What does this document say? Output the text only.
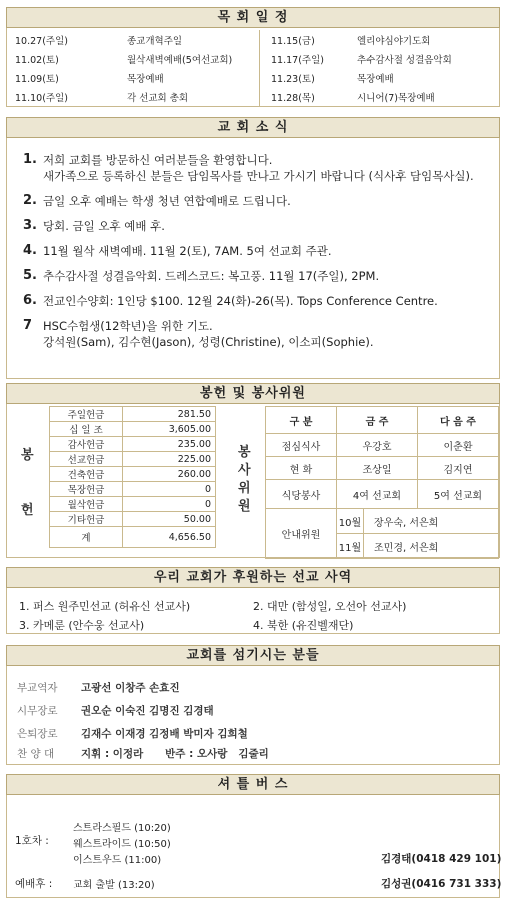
목 회 일 정
10.27(주일)	종교개혁주일	11.15(금)	엘리야심야기도회
11.02(토)	월삭새벽예배(5여선교회)	11.17(주일)	추수감사절 성결음악회
11.09(토)	목장예배	11.23(토)	목장예배
11.10(주일)	각 선교회 총회	11.28(목)	시니어(7)목장예배
교 회 소 식
1. 저희 교회를 방문하신 여러분들을 환영합니다.
새가족으로 등록하신 분들은 담임목사를 만나고 가시기 바랍니다 (식사후 담임목사실).
2. 금일 오후 예배는 학생 청년 연합예배로 드립니다.
3. 당회. 금일 오후 예배 후.
4. 11월 월삭 새벽예배. 11월 2(토), 7AM. 5여 선교회 주관.
5. 추수감사절 성결음악회. 드레스코드: 복고풍. 11월 17(주일), 2PM.
6. 전교인수양회: 1인당 $100. 12월 24(화)-26(목). Tops Conference Centre.
7 HSC수험생(12학년)을 위한 기도.
강석원(Sam), 김수현(Jason), 성령(Christine), 이소피(Sophie).
봉헌 및 봉사위원
봉
헌
주일헌금	281.50
십 일 조	3,605.00
감사헌금	235.00
선교헌금	225.00
건축헌금	260.00
목장헌금	0
월삭헌금	0
기타헌금	50.00
계	4,656.50
봉
사
위
원
구 분	금 주		다 음 주
점심식사	우강호		이춘환
현 화	조상일		김지연
식당봉사	4여 선교회		5여 선교회
안내위원	10월	장우숙, 서은희	
	11월	조민경, 서은희	
우리 교회가 후원하는 선교 사역
1. 퍼스 원주민선교 (허유신 선교사)	2. 대만 (함성일, 오선아 선교사)
3. 카메룬 (안수웅 선교사)	4. 북한 (유진벨재단)
교회를 섬기시는 분들
부교역자 고광선 이창주 손효진
시무장로 권오순 이숙진 김명진 김경태
은퇴장로 김재수 이재경 김정배 박미자 김희철
찬 양 대	지휘 : 이정라      반주 : 오사랑   김줄리
셔 틀 버 스
1호차 :
스트라스필드 (10:20)
웨스트라이드 (10:50)
이스트우드 (11:00)	김경태(0418 429 101)
예배후 : 교회 출발 (13:20)	김성권(0416 731 333)
